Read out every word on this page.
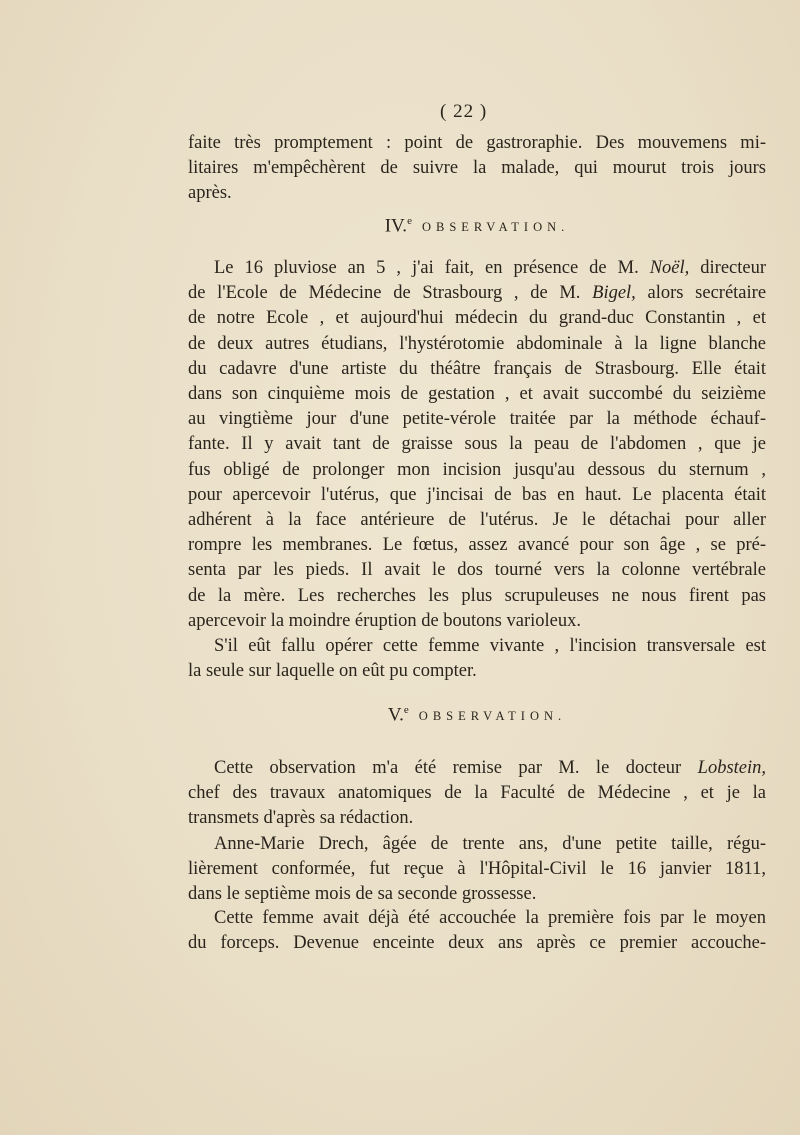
( 22 )
faite très promptement : point de gastroraphie. Des mouvemens mi-
litaires m'empêchèrent de suivre la malade, qui mourut trois jours
après.
IV.$^e$ OBSERVATION.
Le 16 pluviose an 5 , j'ai fait, en présence de M. Noël, directeur
de l'Ecole de Médecine de Strasbourg , de M. Bigel, alors secrétaire
de notre Ecole , et aujourd'hui médecin du grand-duc Constantin , et
de deux autres étudians, l'hystérotomie abdominale à la ligne blanche
du cadavre d'une artiste du théâtre français de Strasbourg. Elle était
dans son cinquième mois de gestation , et avait succombé du seizième
au vingtième jour d'une petite-vérole traitée par la méthode échauf-
fante. Il y avait tant de graisse sous la peau de l'abdomen , que je
fus obligé de prolonger mon incision jusqu'au dessous du sternum ,
pour apercevoir l'utérus, que j'incisai de bas en haut. Le placenta était
adhérent à la face antérieure de l'utérus. Je le détachai pour aller
rompre les membranes. Le fœtus, assez avancé pour son âge , se pré-
senta par les pieds. Il avait le dos tourné vers la colonne vertébrale
de la mère. Les recherches les plus scrupuleuses ne nous firent pas
apercevoir la moindre éruption de boutons varioleux.
S'il eût fallu opérer cette femme vivante , l'incision transversale est
la seule sur laquelle on eût pu compter.
V.$^e$ OBSERVATION.
Cette observation m'a été remise par M. le docteur Lobstein,
chef des travaux anatomiques de la Faculté de Médecine , et je la
transmets d'après sa rédaction.
Anne-Marie Drech, âgée de trente ans, d'une petite taille, régu-
lièrement conformée, fut reçue à l'Hôpital-Civil le 16 janvier 1811,
dans le septième mois de sa seconde grossesse.
Cette femme avait déjà été accouchée la première fois par le moyen
du forceps. Devenue enceinte deux ans après ce premier accouche-
